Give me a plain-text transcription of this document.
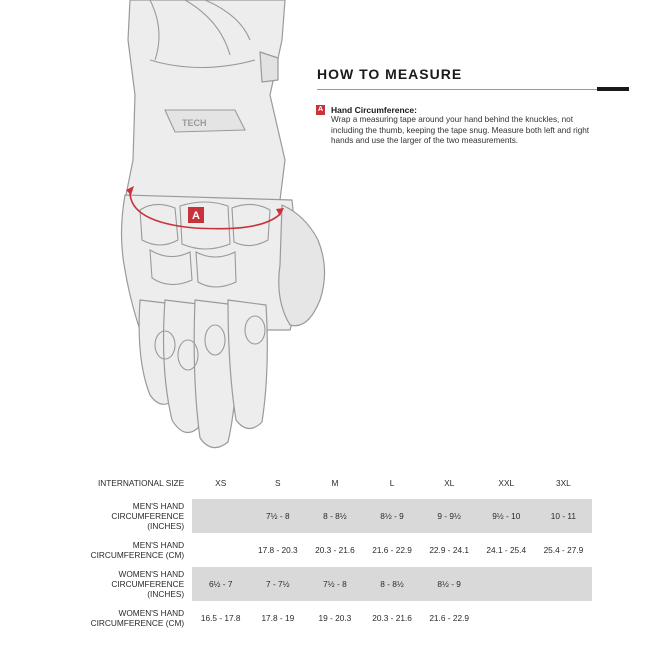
TECH
A
HOW TO MEASURE
A Hand Circumference:
Wrap a measuring tape around your hand behind the knuckles, not including the thumb, keeping the tape snug. Measure both left and right hands and use the larger of the two measurements.
INTERNATIONAL SIZE	XS	S	M	L	XL	XXL	3XL
MEN'S HAND
CIRCUMFERENCE (INCHES)		7½ - 8	8 - 8½	8½ - 9	9 - 9½	9½ - 10	10 - 11
MEN'S HAND
CIRCUMFERENCE (CM)		17.8 - 20.3	20.3 - 21.6	21.6 - 22.9	22.9 - 24.1	24.1 - 25.4	25.4 - 27.9
WOMEN'S HAND
CIRCUMFERENCE (INCHES)	6½ - 7	7 - 7½	7½ - 8	8 - 8½	8½ - 9		
WOMEN'S HAND
CIRCUMFERENCE (CM)	16.5 - 17.8	17.8 - 19	19 - 20.3	20.3 - 21.6	21.6 - 22.9		
